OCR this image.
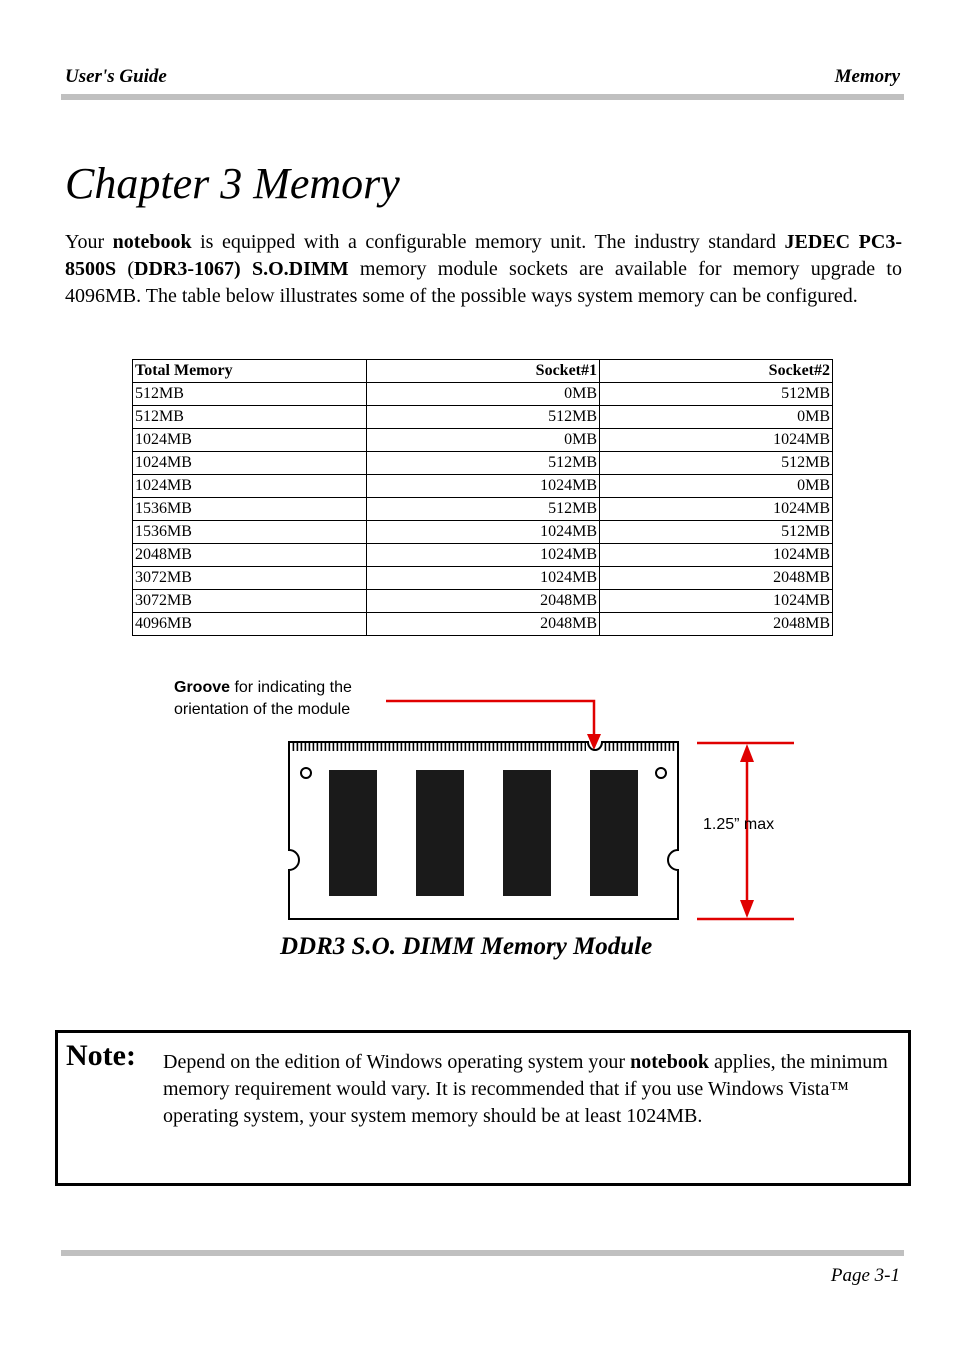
User's Guide	Memory
Chapter 3 Memory

Your notebook is equipped with a configurable memory unit. The industry standard JEDEC PC3-8500S (DDR3-1067) S.O.DIMM memory module sockets are available for memory upgrade to 4096MB. The table below illustrates some of the possible ways system memory can be configured.

Total Memory	Socket#1	Socket#2
512MB	0MB	512MB
512MB	512MB	0MB
1024MB	0MB	1024MB
1024MB	512MB	512MB
1024MB	1024MB	0MB
1536MB	512MB	1024MB
1536MB	1024MB	512MB
2048MB	1024MB	1024MB
3072MB	1024MB	2048MB
3072MB	2048MB	1024MB
4096MB	2048MB	2048MB
Groove for indicating the
orientation of the module
1.25” max
DDR3 S.O. DIMM Memory Module
Note: Depend on the edition of Windows operating system your notebook applies, the minimum memory requirement would vary. It is recommended that if you use Windows Vista™ operating system, your system memory should be at least 1024MB.

Page 3-1
